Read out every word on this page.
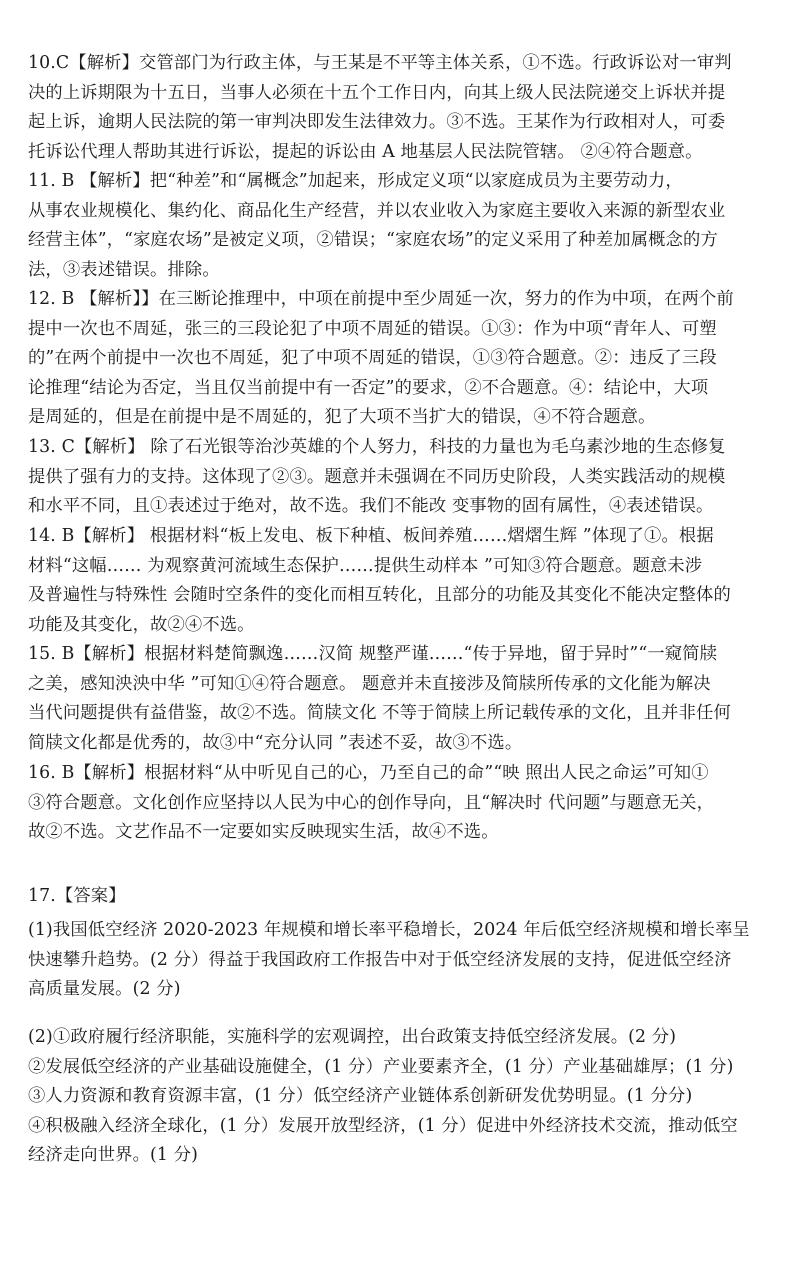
10.C【解析】交管部门为行政主体，与王某是不平等主体关系，①不选。行政诉讼对一审判
决的上诉期限为十五日，当事人必须在十五个工作日内，向其上级人民法院递交上诉状并提
起上诉，逾期人民法院的第一审判决即发生法律效力。③不选。王某作为行政相对人，可委
托诉讼代理人帮助其进行诉讼，提起的诉讼由 A 地基层人民法院管辖。 ②④符合题意。
11. B 【解析】把“种差”和“属概念”加起来，形成定义项“以家庭成员为主要劳动力，
从事农业规模化、集约化、商品化生产经营，并以农业收入为家庭主要收入来源的新型农业
经营主体”，“家庭农场”是被定义项，②错误；“家庭农场”的定义采用了种差加属概念的方
法，③表述错误。排除。
12. B 【解析】】在三断论推理中，中项在前提中至少周延一次，努力的作为中项，在两个前
提中一次也不周延，张三的三段论犯了中项不周延的错误。①③：作为中项“青年人、可塑
的”在两个前提中一次也不周延，犯了中项不周延的错误，①③符合题意。②：违反了三段
论推理“结论为否定，当且仅当前提中有一否定”的要求，②不合题意。④：结论中，大项
是周延的，但是在前提中是不周延的，犯了大项不当扩大的错误，④不符合题意。
13. C【解析】 除了石光银等治沙英雄的个人努力，科技的力量也为毛乌素沙地的生态修复
提供了强有力的支持。这体现了②③。题意并未强调在不同历史阶段，人类实践活动的规模
和水平不同，且①表述过于绝对，故不选。我们不能改 变事物的固有属性，④表述错误。
14. B【解析】 根据材料“板上发电、板下种植、板间养殖……熠熠生辉 ”体现了①。根据
材料“这幅…… 为观察黄河流域生态保护……提供生动样本 ”可知③符合题意。题意未涉
及普遍性与特殊性 会随时空条件的变化而相互转化，且部分的功能及其变化不能决定整体的
功能及其变化，故②④不选。
15. B【解析】根据材料楚简飘逸……汉简 规整严谨……“传于异地，留于异时”“一窥简牍
之美，感知泱泱中华 ”可知①④符合题意。 题意并未直接涉及简牍所传承的文化能为解决
当代问题提供有益借鉴，故②不选。简牍文化 不等于简牍上所记载传承的文化，且并非任何
简牍文化都是优秀的，故③中“充分认同 ”表述不妥，故③不选。
16. B【解析】根据材料“从中听见自己的心，乃至自己的命”“映 照出人民之命运”可知①
③符合题意。文化创作应坚持以人民为中心的创作导向，且“解决时 代问题”与题意无关，
故②不选。文艺作品不一定要如实反映现实生活，故④不选。
17.【答案】
(1)我国低空经济 2020-2023 年规模和增长率平稳增长，2024 年后低空经济规模和增长率呈
快速攀升趋势。(2 分）得益于我国政府工作报告中对于低空经济发展的支持，促进低空经济
高质量发展。(2 分)
(2)①政府履行经济职能，实施科学的宏观调控，出台政策支持低空经济发展。(2 分)
②发展低空经济的产业基础设施健全，(1 分）产业要素齐全，(1 分）产业基础雄厚；(1 分)
③人力资源和教育资源丰富，(1 分）低空经济产业链体系创新研发优势明显。(1 分分)
④积极融入经济全球化，(1 分）发展开放型经济，(1 分）促进中外经济技术交流，推动低空
经济走向世界。(1 分)
